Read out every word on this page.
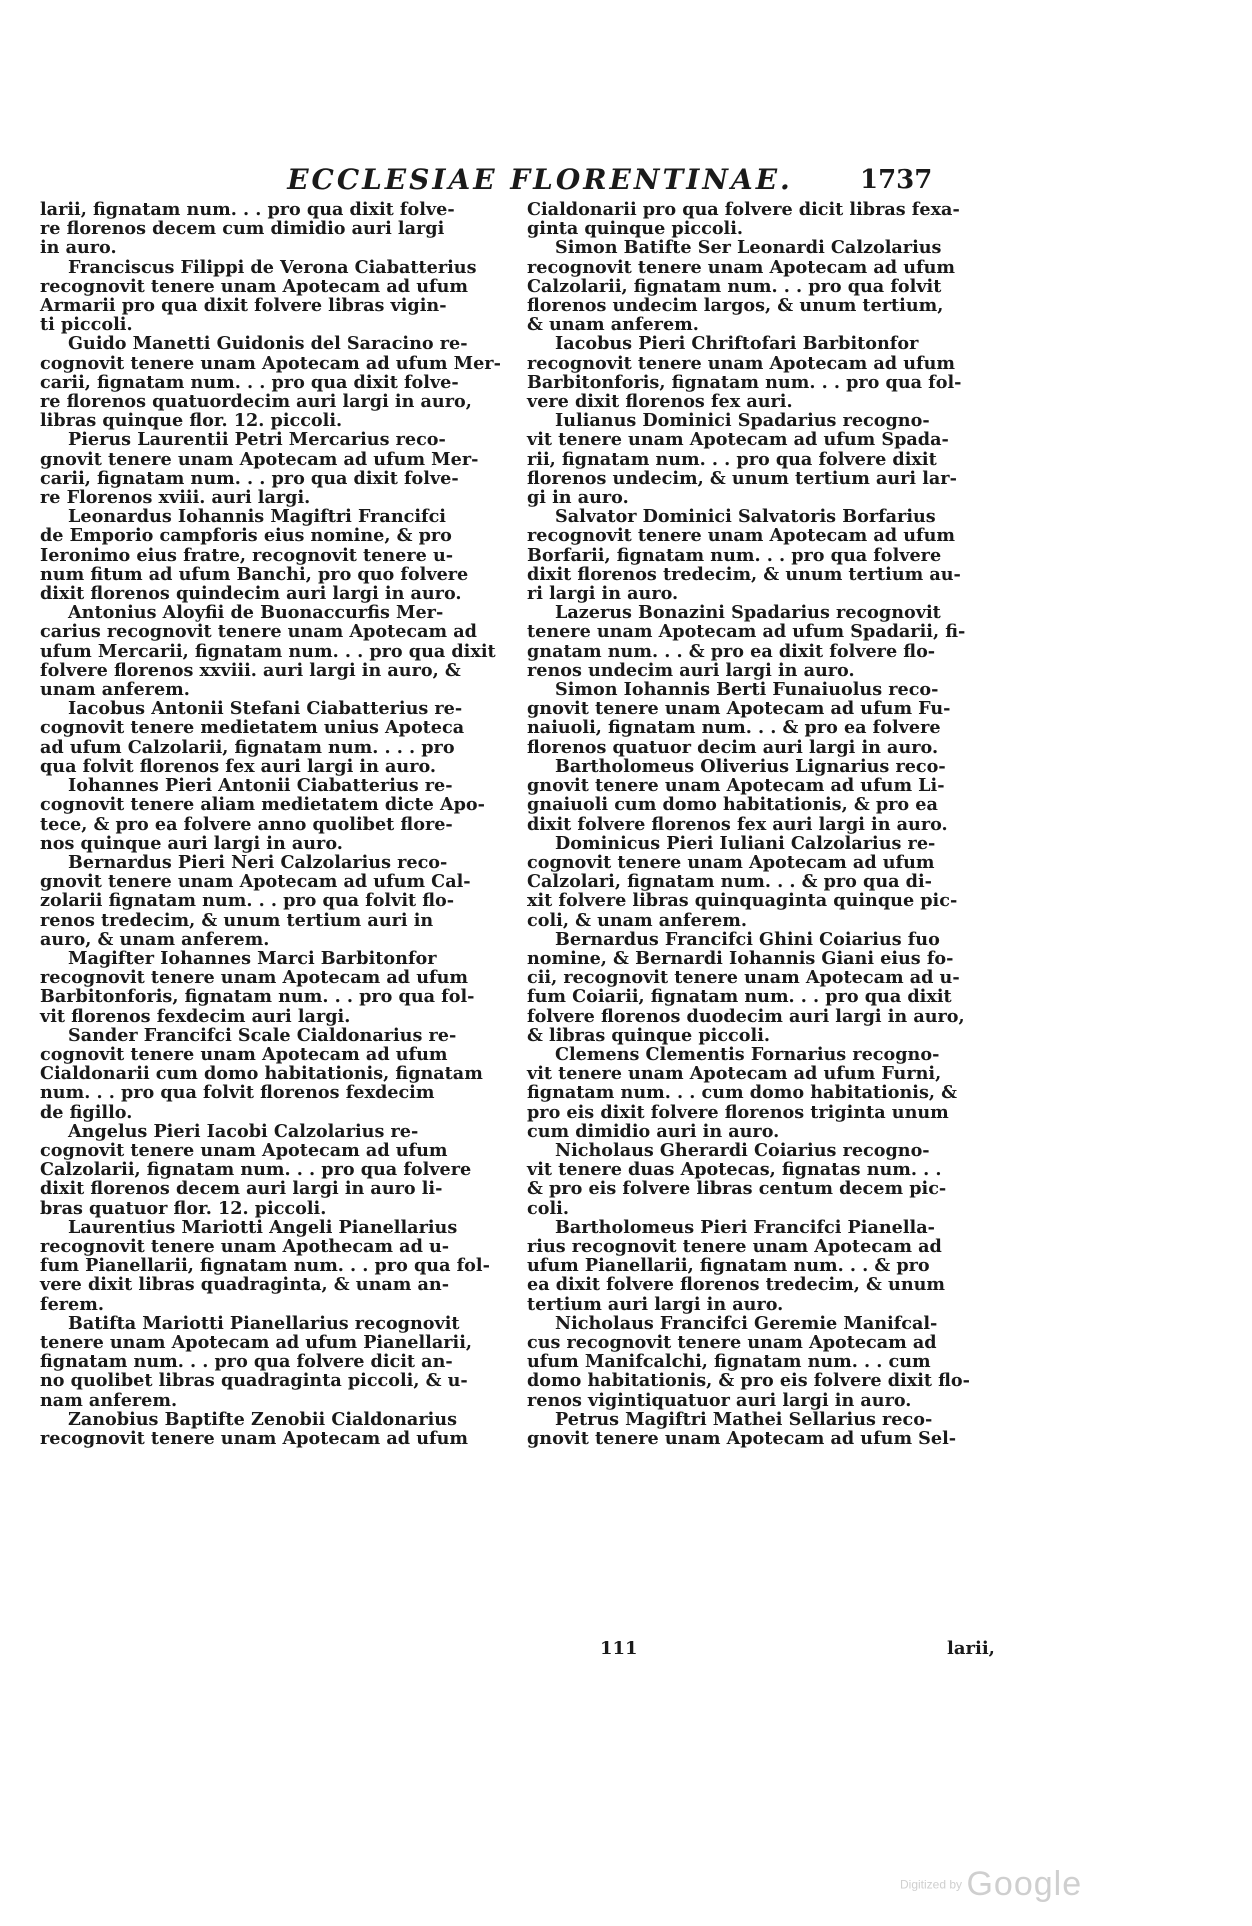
ECCLESIAE FLORENTINAE.	1737

larii, fignatam num. . . pro qua dixit folve-
re florenos decem cum dimidio auri largi
in auro.

Franciscus Filippi de Verona Ciabatterius
recognovit tenere unam Apotecam ad ufum
Armarii pro qua dixit folvere libras vigin-
ti piccoli.

Guido Manetti Guidonis del Saracino re-
cognovit tenere unam Apotecam ad ufum Mer-
carii, fignatam num. . . pro qua dixit folve-
re florenos quatuordecim auri largi in auro,
libras quinque flor. 12. piccoli.

Pierus Laurentii Petri Mercarius reco-
gnovit tenere unam Apotecam ad ufum Mer-
carii, fignatam num. . . pro qua dixit folve-
re Florenos xviii. auri largi.

Leonardus Iohannis Magiftri Francifci
de Emporio campforis eius nomine, & pro
Ieronimo eius fratre, recognovit tenere u-
num fitum ad ufum Banchi, pro quo folvere
dixit florenos quindecim auri largi in auro.

Antonius Aloyfii de Buonaccurfis Mer-
carius recognovit tenere unam Apotecam ad
ufum Mercarii, fignatam num. . . pro qua dixit
folvere florenos xxviii. auri largi in auro, &
unam anferem.

Iacobus Antonii Stefani Ciabatterius re-
cognovit tenere medietatem unius Apoteca
ad ufum Calzolarii, fignatam num. . . . pro
qua folvit florenos fex auri largi in auro.

Iohannes Pieri Antonii Ciabatterius re-
cognovit tenere aliam medietatem dicte Apo-
tece, & pro ea folvere anno quolibet flore-
nos quinque auri largi in auro.

Bernardus Pieri Neri Calzolarius reco-
gnovit tenere unam Apotecam ad ufum Cal-
zolarii fignatam num. . . pro qua folvit flo-
renos tredecim, & unum tertium auri in
auro, & unam anferem.

Magifter Iohannes Marci Barbitonfor
recognovit tenere unam Apotecam ad ufum
Barbitonforis, fignatam num. . . pro qua fol-
vit florenos fexdecim auri largi.

Sander Francifci Scale Cialdonarius re-
cognovit tenere unam Apotecam ad ufum
Cialdonarii cum domo habitationis, fignatam
num. . . pro qua folvit florenos fexdecim
de figillo.

Angelus Pieri Iacobi Calzolarius re-
cognovit tenere unam Apotecam ad ufum
Calzolarii, fignatam num. . . pro qua folvere
dixit florenos decem auri largi in auro li-
bras quatuor flor. 12. piccoli.

Laurentius Mariotti Angeli Pianellarius
recognovit tenere unam Apothecam ad u-
fum Pianellarii, fignatam num. . . pro qua fol-
vere dixit libras quadraginta, & unam an-
ferem.

Batifta Mariotti Pianellarius recognovit
tenere unam Apotecam ad ufum Pianellarii,
fignatam num. . . pro qua folvere dicit an-
no quolibet libras quadraginta piccoli, & u-
nam anferem.

Zanobius Baptifte Zenobii Cialdonarius
recognovit tenere unam Apotecam ad ufum

Cialdonarii pro qua folvere dicit libras fexa-
ginta quinque piccoli.

Simon Batifte Ser Leonardi Calzolarius
recognovit tenere unam Apotecam ad ufum
Calzolarii, fignatam num. . . pro qua folvit
florenos undecim largos, & unum tertium,
& unam anferem.

Iacobus Pieri Chriftofari Barbitonfor
recognovit tenere unam Apotecam ad ufum
Barbitonforis, fignatam num. . . pro qua fol-
vere dixit florenos fex auri.

Iulianus Dominici Spadarius recogno-
vit tenere unam Apotecam ad ufum Spada-
rii, fignatam num. . . pro qua folvere dixit
florenos undecim, & unum tertium auri lar-
gi in auro.

Salvator Dominici Salvatoris Borfarius
recognovit tenere unam Apotecam ad ufum
Borfarii, fignatam num. . . pro qua folvere
dixit florenos tredecim, & unum tertium au-
ri largi in auro.

Lazerus Bonazini Spadarius recognovit
tenere unam Apotecam ad ufum Spadarii, fi-
gnatam num. . . & pro ea dixit folvere flo-
renos undecim auri largi in auro.

Simon Iohannis Berti Funaiuolus reco-
gnovit tenere unam Apotecam ad ufum Fu-
naiuoli, fignatam num. . . & pro ea folvere
florenos quatuor decim auri largi in auro.

Bartholomeus Oliverius Lignarius reco-
gnovit tenere unam Apotecam ad ufum Li-
gnaiuoli cum domo habitationis, & pro ea
dixit folvere florenos fex auri largi in auro.

Dominicus Pieri Iuliani Calzolarius re-
cognovit tenere unam Apotecam ad ufum
Calzolari, fignatam num. . . & pro qua di-
xit folvere libras quinquaginta quinque pic-
coli, & unam anferem.

Bernardus Francifci Ghini Coiarius fuo
nomine, & Bernardi Iohannis Giani eius fo-
cii, recognovit tenere unam Apotecam ad u-
fum Coiarii, fignatam num. . . pro qua dixit
folvere florenos duodecim auri largi in auro,
& libras quinque piccoli.

Clemens Clementis Fornarius recogno-
vit tenere unam Apotecam ad ufum Furni,
fignatam num. . . cum domo habitationis, &
pro eis dixit folvere florenos triginta unum
cum dimidio auri in auro.

Nicholaus Gherardi Coiarius recogno-
vit tenere duas Apotecas, fignatas num. . .
& pro eis folvere libras centum decem pic-
coli.

Bartholomeus Pieri Francifci Pianella-
rius recognovit tenere unam Apotecam ad
ufum Pianellarii, fignatam num. . . & pro
ea dixit folvere florenos tredecim, & unum
tertium auri largi in auro.

Nicholaus Francifci Geremie Manifcal-
cus recognovit tenere unam Apotecam ad
ufum Manifcalchi, fignatam num. . . cum
domo habitationis, & pro eis folvere dixit flo-
renos vigintiquatuor auri largi in auro.

Petrus Magiftri Mathei Sellarius reco-
gnovit tenere unam Apotecam ad ufum Sel-

111	larii,
Digitized by Google
